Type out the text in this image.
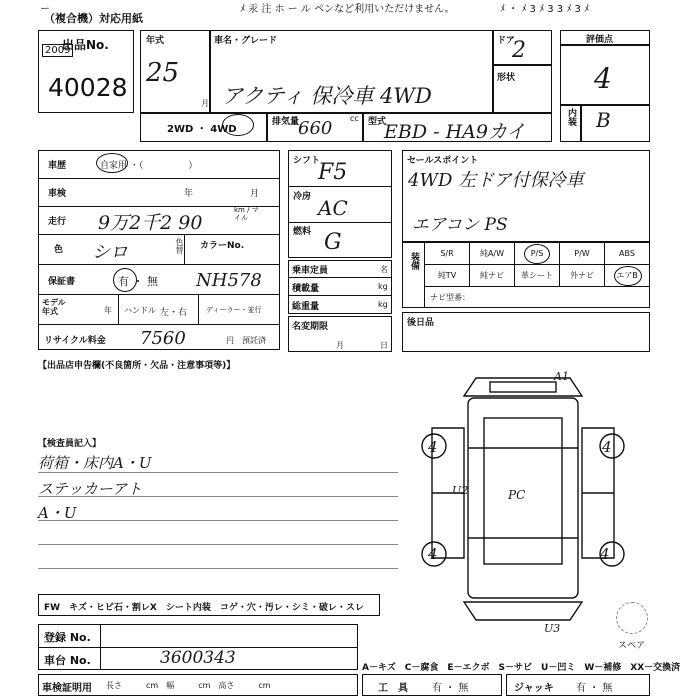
ー	ﾒ 汞 注 ホ ー ル ペンなど利用いただけません。	ﾒ ・ ﾒ 3 ﾒ 3 3 ﾒ 3 ﾒ
（複合機）対応用紙
出品No.
2009
40028
年式
25
月
車名・グレード
アクティ 保冷車 4WD
ドア
2
形状
2WD ・ 4WD
排気量
660 cc 型式
EBD - HA9カイ
評価点
4
内装 B
車歴	自家用 ・（　　　　　）
車検	年	月
走行 9万2千2 90
km / マイル
色 シロ	色替 カラーNo.
NH578
保証書	有 ・ 無
モデル年式	年 ハンドル 左・右	ディーラー・並行
リサイクル料金 7560	円 預託済
シフト
F5
冷房 AC
燃料 G
乗車定員	名
積載量	kg
総重量	kg
名変期限
月	日
セールスポイント
4WD 左ドア付保冷車
エアコン PS
装備	S/R	純A/W	P/S	P/W	ABS
純TV	純ナビ	革シート	外ナビ	エアB
ナビ型番：
後日品
【出品店申告欄(不良箇所・欠品・注意事項等)】
【検査員記入】
荷箱・床内A・U
ステッカーアト
A・U
A1
4	4
4	4
U2	PC
U3
スペア
FW　キズ・ヒビ石・割レX　シート内装　コゲ・穴・汚レ・シミ・破レ・スレ
登録 No.
車台 No.	3600343
車検証明用 長さ　　　cm　幅　　　cm　高さ　　　cm
A－キズ　C－腐食　E－エクボ　S－サビ　U－凹ミ　W－補修　XX－交換済
工　具 有 ・ 無	ジャッキ 有 ・ 無
